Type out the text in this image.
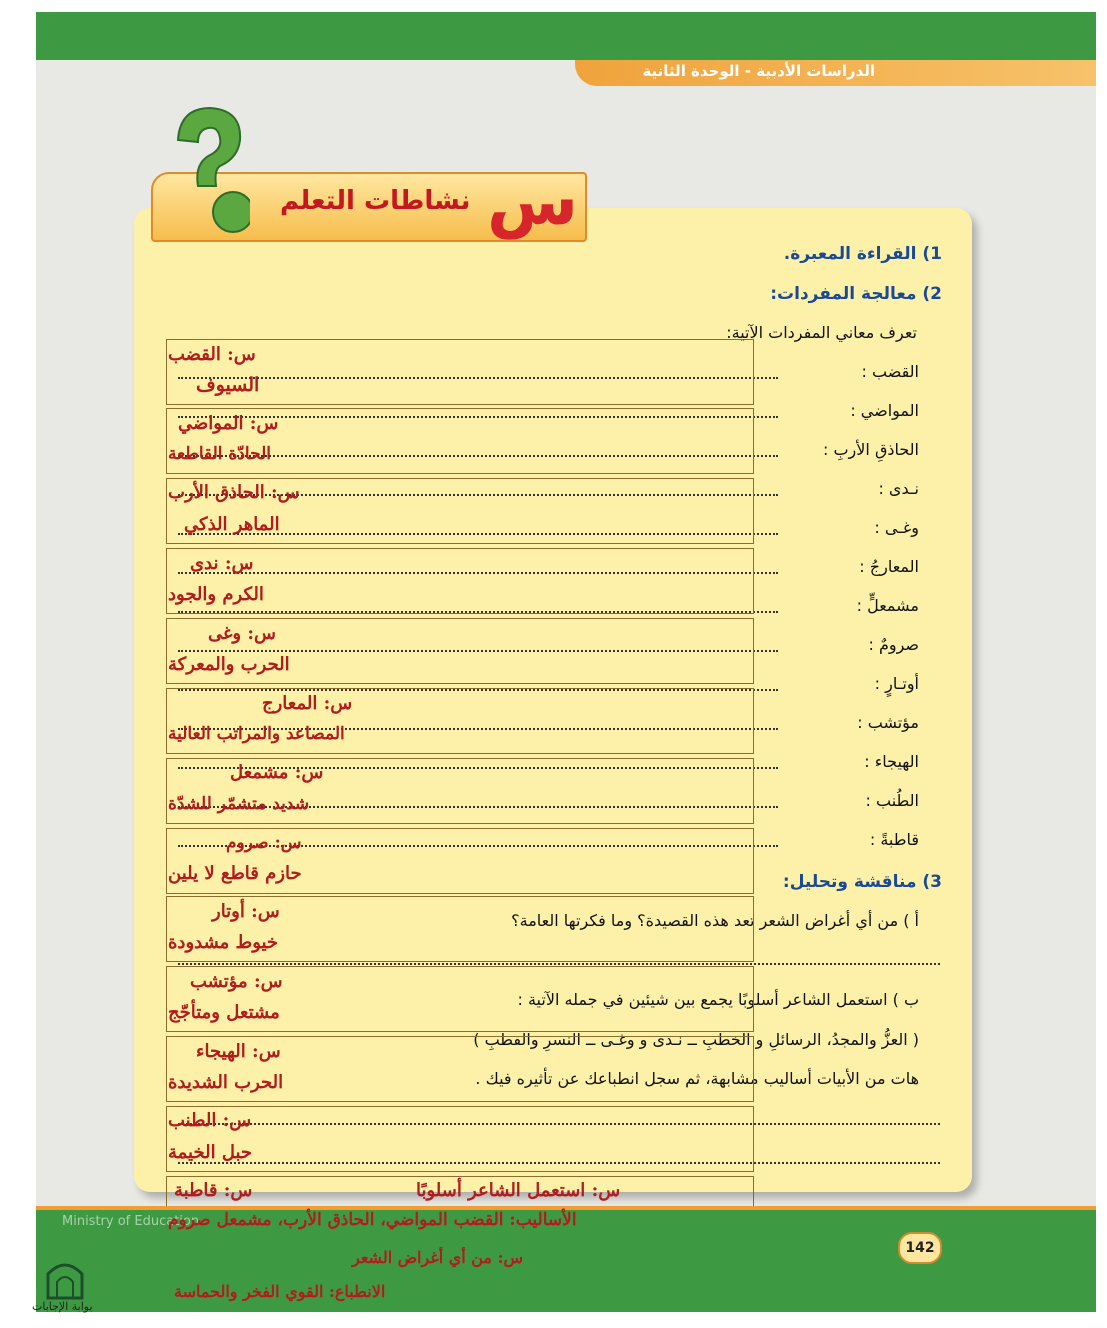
الدراسات الأدبية - الوحدة الثانية
س
نشاطات التعلم
1) القراءة المعبرة.
2) معالجة المفردات:
تعرف معاني المفردات الآتية:
القضب :
المواضي :
الحاذقِ الأربِ :
نـدى :
وغـى :
المعارجُ :
مشمعلٍّ :
صرومٌ :
أوتـارٍ :
مؤتشب :
الهيجاء :
الطُنب :
قاطبةً :
3) مناقشة وتحليل:
أ ) من أي أغراض الشعر تعد هذه القصيدة؟ وما فكرتها العامة؟
ب ) استعمل الشاعر أسلوبًا يجمع بين شيئين في جمله الآتية :
( العزُّ والمجدُ، الرسائلِ و الخطبِ ــ نـدى و وغـى ــ النسرِ والقطبِ )
هات من الأبيات أساليب مشابهة، ثم سجل انطباعك عن تأثيره فيك .
س: القضب
السيوف
س: المواضي
الحادّة القاطعة
س: الحاذق الأرب
الماهر الذكي
س: ندى
الكرم والجود
س: وغى
الحرب والمعركة
س: المعارج
المصاعد والمراتب العالية
س: مشمعل
شديد متشمّر للشدّة
س: صروم
حازم قاطع لا يلين
س: أوتار
خيوط مشدودة
س: مؤتشب
مشتعل ومتأجّج
س: الهيجاء
الحرب الشديدة
س: الطنب
حبل الخيمة
س: قاطبة
Ministry of Education
142
س: استعمل الشاعر أسلوبًا
الأساليب: القضب المواضي، الحاذق الأرب، مشمعل صروم
س: من أي أغراض الشعر
الانطباع: القوي الفخر والحماسة
بوابة الإجابات
